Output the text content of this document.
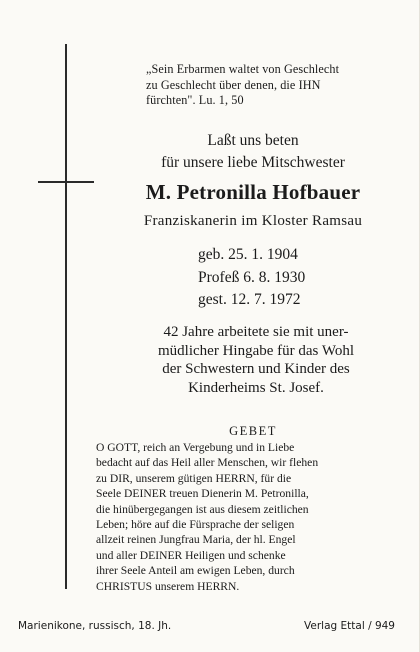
„Sein Erbarmen waltet von Geschlecht
zu Geschlecht über denen, die IHN
fürchten". Lu. 1, 50
Laßt uns beten
für unsere liebe Mitschwester
M. Petronilla Hofbauer
Franziskanerin im Kloster Ramsau
geb. 25. 1. 1904
Profeß 6. 8. 1930
gest. 12. 7. 1972
42 Jahre arbeitete sie mit uner-
müdlicher Hingabe für das Wohl
der Schwestern und Kinder des
Kinderheims St. Josef.
GEBET
O GOTT, reich an Vergebung und in Liebe
bedacht auf das Heil aller Menschen, wir flehen
zu DIR, unserem gütigen HERRN, für die
Seele DEINER treuen Dienerin M. Petronilla,
die hinübergegangen ist aus diesem zeitlichen
Leben; höre auf die Fürsprache der seligen
allzeit reinen Jungfrau Maria, der hl. Engel
und aller DEINER Heiligen und schenke
ihrer Seele Anteil am ewigen Leben, durch
CHRISTUS unserem HERRN.
Marienikone, russisch, 18. Jh.	Verlag Ettal / 949
